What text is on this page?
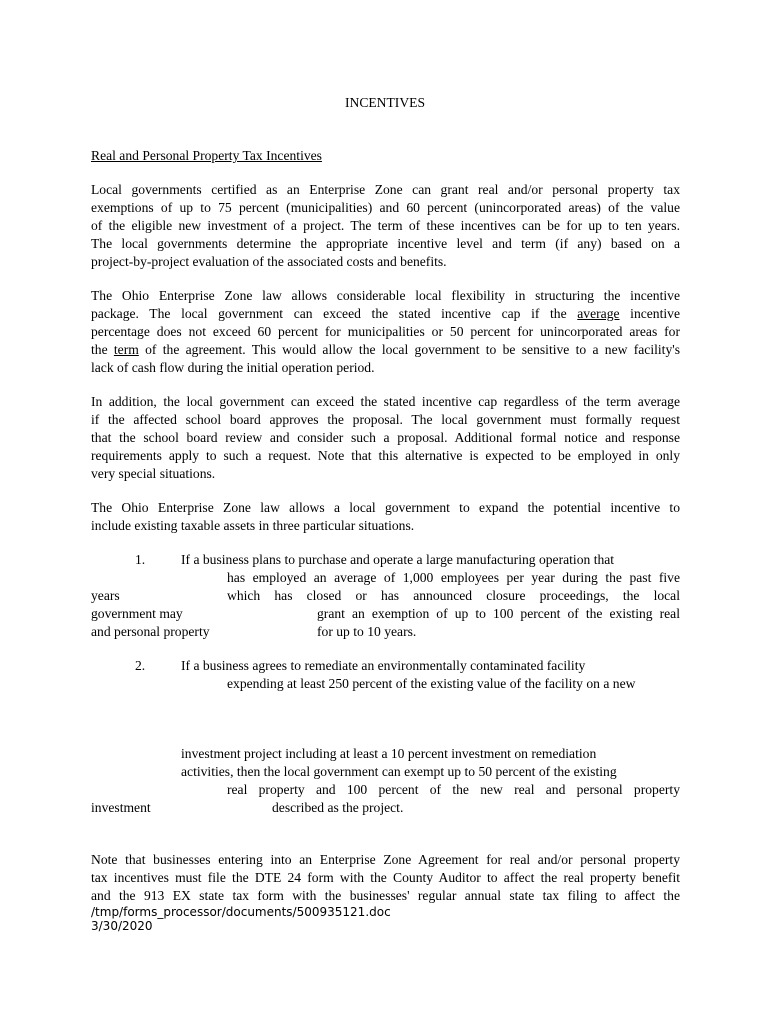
INCENTIVES
Real and Personal Property Tax Incentives
Local governments certified as an Enterprise Zone can grant real and/or personal property tax
exemptions of up to 75 percent (municipalities) and 60 percent (unincorporated areas) of the value
of the eligible new investment of a project. The term of these incentives can be for up to ten years.
The local governments determine the appropriate incentive level and term (if any) based on a
project-by-project evaluation of the associated costs and benefits.
The Ohio Enterprise Zone law allows considerable local flexibility in structuring the incentive
package. The local government can exceed the stated incentive cap if the average incentive
percentage does not exceed 60 percent for municipalities or 50 percent for unincorporated areas for
the term of the agreement. This would allow the local government to be sensitive to a new facility's
lack of cash flow during the initial operation period.
In addition, the local government can exceed the stated incentive cap regardless of the term average
if the affected school board approves the proposal. The local government must formally request
that the school board review and consider such a proposal. Additional formal notice and response
requirements apply to such a request. Note that this alternative is expected to be employed in only
very special situations.
The Ohio Enterprise Zone law allows a local government to expand the potential incentive to
include existing taxable assets in three particular situations.
1.	If a business plans to purchase and operate a large manufacturing operation that
has employed an average of 1,000 employees per year during the past five
years	which has closed or has announced closure proceedings, the local
government may	grant an exemption of up to 100 percent of the existing real
and personal property	for up to 10 years.
2.	If a business agrees to remediate an environmentally contaminated facility
expending at least 250 percent of the existing value of the facility on a new
investment project including at least a 10 percent investment on remediation
activities, then the local government can exempt up to 50 percent of the existing
real property and 100 percent of the new real and personal property
investment	described as the project.
Note that businesses entering into an Enterprise Zone Agreement for real and/or personal property
tax incentives must file the DTE 24 form with the County Auditor to affect the real property benefit
and the 913 EX state tax form with the businesses' regular annual state tax filing to affect the
/tmp/forms_processor/documents/500935121.doc
3/30/2020
